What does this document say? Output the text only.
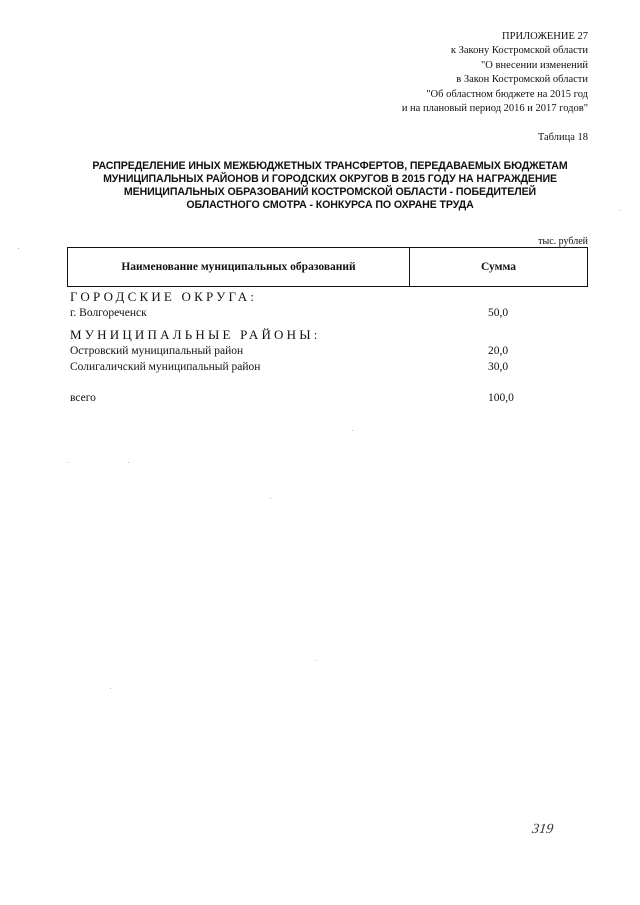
ПРИЛОЖЕНИЕ 27
к Закону Костромской области
"О внесении изменений
в Закон Костромской области
"Об областном бюджете на 2015 год
и на плановый период 2016 и 2017 годов"
Таблица 18
РАСПРЕДЕЛЕНИЕ ИНЫХ МЕЖБЮДЖЕТНЫХ ТРАНСФЕРТОВ, ПЕРЕДАВАЕМЫХ БЮДЖЕТАМ
МУНИЦИПАЛЬНЫХ РАЙОНОВ И ГОРОДСКИХ ОКРУГОВ В 2015 ГОДУ НА НАГРАЖДЕНИЕ
МЕНИЦИПАЛЬНЫХ ОБРАЗОВАНИЙ КОСТРОМСКОЙ ОБЛАСТИ - ПОБЕДИТЕЛЕЙ
ОБЛАСТНОГО СМОТРА - КОНКУРСА ПО ОХРАНЕ ТРУДА
тыс. рублей
Наименование муниципальных образований	Сумма
ГОРОДСКИЕ ОКРУГА:
г. Волгореченск	50,0
МУНИЦИПАЛЬНЫЕ РАЙОНЫ:
Островский муниципальный район	20,0
Солигаличский муниципальный район	30,0
всего	100,0
319
